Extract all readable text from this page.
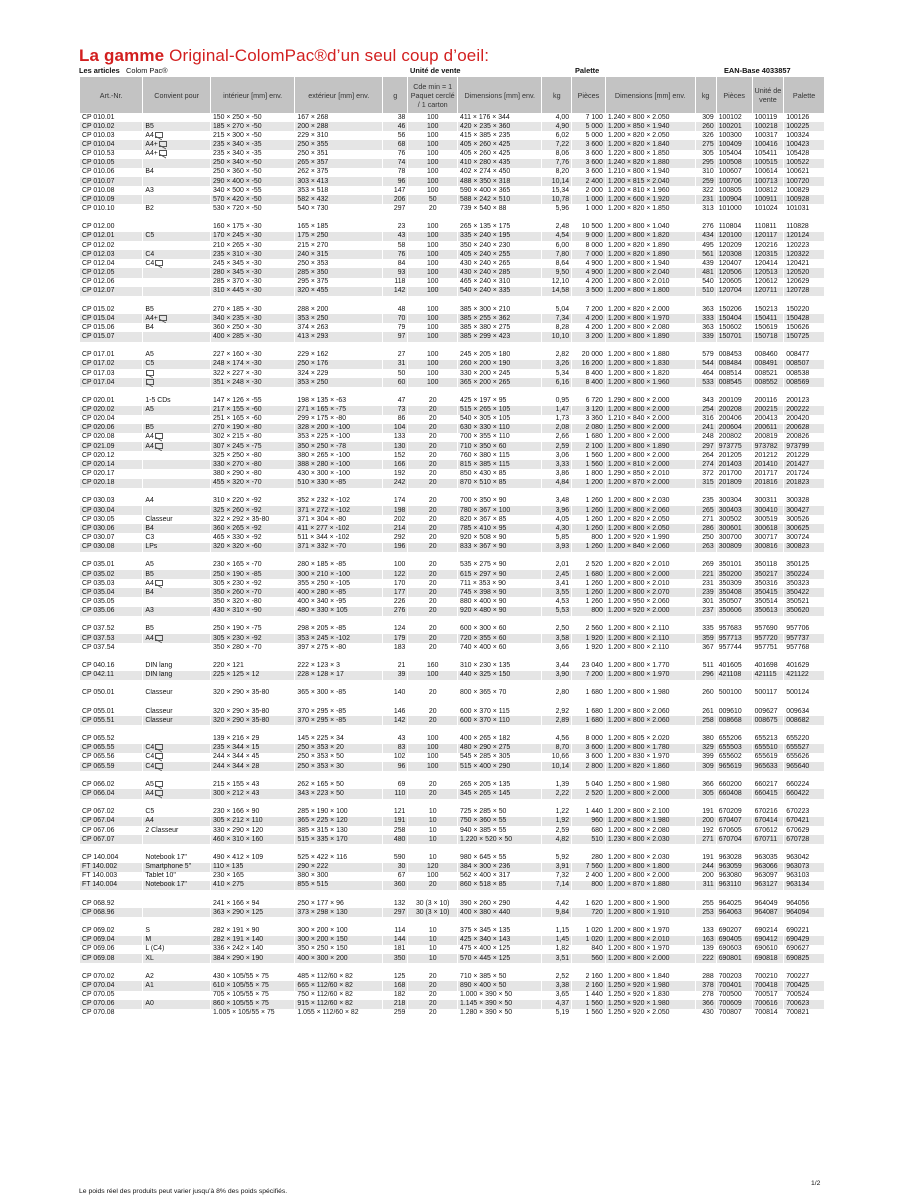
La gamme Original-ColomPac®d’un seul coup d’oeil:
Les articles Colom Pac®	Unité de vente	Palette	EAN-Base 4033857
Art.-Nr.	Convient pour	intérieur [mm] env.	extérieur [mm] env.	g	Cde min = 1 Paquet cerclé / 1 carton	Dimensions [mm] env.	kg	Pièces	Dimensions [mm] env.	kg	Pièces	Unité de vente	Palette
CP 010.01		150 × 250 × -50	167 × 268	38	100	411 × 176 × 344	4,00	7 100	1.240 × 800 × 2.050	309	100102	100119	100126
CP 010.02	B5	185 × 270 × -50	200 × 288	46	100	420 × 235 × 360	4,90	5 000	1.200 × 850 × 1.940	260	100201	100218	100225
CP 010.03	A4	215 × 300 × -50	229 × 310	56	100	415 × 385 × 235	6,02	5 000	1.200 × 820 × 2.050	326	100300	100317	100324
CP 010.04	A4+	235 × 340 × -35	250 × 355	68	100	405 × 260 × 425	7,22	3 600	1.200 × 820 × 1.840	275	100409	100416	100423
CP 010.53	A4+	235 × 340 × -35	250 × 351	76	100	405 × 260 × 425	8,06	3 600	1.220 × 800 × 1.850	305	105404	105411	105428
CP 010.05		250 × 340 × -50	265 × 357	74	100	410 × 280 × 435	7,76	3 600	1.240 × 820 × 1.880	295	100508	100515	100522
CP 010.06	B4	250 × 360 × -50	262 × 375	78	100	402 × 274 × 450	8,20	3 600	1.210 × 800 × 1.940	310	100607	100614	100621
CP 010.07		290 × 400 × -50	303 × 413	96	100	488 × 350 × 318	10,14	2 400	1.200 × 815 × 2.040	259	100706	100713	100720
CP 010.08	A3	340 × 500 × -55	353 × 518	147	100	590 × 400 × 365	15,34	2 000	1.200 × 810 × 1.960	322	100805	100812	100829
CP 010.09		570 × 420 × -50	582 × 432	206	50	588 × 242 × 510	10,78	1 000	1.200 × 600 × 1.920	231	100904	100911	100928
CP 010.10	B2	530 × 720 × -50	540 × 730	297	20	739 × 540 × 88	5,96	1 000	1.200 × 820 × 1.850	313	101000	101024	101031

CP 012.00		160 × 175 × -30	165 × 185	23	100	265 × 135 × 175	2,48	10 500	1.200 × 800 × 1.040	276	110804	110811	110828
CP 012.01	C5	170 × 245 × -30	175 × 250	43	100	335 × 240 × 195	4,54	9 000	1.200 × 800 × 1.820	434	120100	120117	120124
CP 012.02		210 × 265 × -30	215 × 270	58	100	350 × 240 × 230	6,00	8 000	1.200 × 820 × 1.890	495	120209	120216	120223
CP 012.03	C4	235 × 310 × -30	240 × 315	76	100	405 × 240 × 255	7,80	7 000	1.200 × 820 × 1.890	561	120308	120315	120322
CP 012.04	C4	245 × 345 × -30	250 × 353	84	100	430 × 240 × 265	8,64	4 900	1.200 × 800 × 1.940	439	120407	120414	120421
CP 012.05		280 × 345 × -30	285 × 350	93	100	430 × 240 × 285	9,50	4 900	1.200 × 800 × 2.040	481	120506	120513	120520
CP 012.06		285 × 370 × -30	295 × 375	118	100	465 × 240 × 310	12,10	4 200	1.200 × 800 × 2.010	540	120605	120612	120629
CP 012.07		310 × 445 × -30	320 × 455	142	100	540 × 240 × 335	14,58	3 500	1.200 × 800 × 1.800	510	120704	120711	120728

CP 015.02	B5	270 × 185 × -30	288 × 200	48	100	385 × 300 × 210	5,04	7 200	1.200 × 820 × 2.000	363	150206	150213	150220
CP 015.04	A4+	340 × 235 × -30	353 × 250	70	100	385 × 255 × 362	7,34	4 200	1.200 × 800 × 1.970	333	150404	150411	150428
CP 015.06	B4	360 × 250 × -30	374 × 263	79	100	385 × 380 × 275	8,28	4 200	1.200 × 800 × 2.080	363	150602	150619	150626
CP 015.07		400 × 285 × -30	413 × 293	97	100	385 × 299 × 423	10,10	3 200	1.200 × 800 × 1.890	339	150701	150718	150725

CP 017.01	A5	227 × 160 × -30	229 × 162	27	100	245 × 205 × 180	2,82	20 000	1.200 × 800 × 1.880	579	008453	008460	008477
CP 017.02	C5	248 × 174 × -30	250 × 176	31	100	260 × 200 × 190	3,26	16 200	1.200 × 800 × 1.830	544	008484	008491	008507
CP 017.03		322 × 227 × -30	324 × 229	50	100	330 × 200 × 245	5,34	8 400	1.200 × 800 × 1.820	464	008514	008521	008538
CP 017.04		351 × 248 × -30	353 × 250	60	100	365 × 200 × 265	6,16	8 400	1.200 × 800 × 1.960	533	008545	008552	008569

CP 020.01	1-5 CDs	147 × 126 × -55	198 × 135 × -63	47	20	425 × 197 × 95	0,95	6 720	1.290 × 800 × 2.000	343	200109	200116	200123
CP 020.02	A5	217 × 155 × -60	271 × 165 × -75	73	20	515 × 265 × 105	1,47	3 120	1.200 × 800 × 2.000	254	200208	200215	200222
CP 020.04		251 × 165 × -60	299 × 175 × -80	86	20	540 × 305 × 105	1,73	3 360	1.210 × 840 × 2.000	316	200406	200413	200420
CP 020.06	B5	270 × 190 × -80	328 × 200 × -100	104	20	630 × 330 × 110	2,08	2 080	1.250 × 800 × 2.000	241	200604	200611	200628
CP 020.08	A4	302 × 215 × -80	353 × 225 × -100	133	20	700 × 355 × 110	2,66	1 680	1.200 × 800 × 2.000	248	200802	200819	200826
CP 021.09	A4	307 × 245 × -75	350 × 250 × -78	130	20	710 × 350 × 60	2,59	2 100	1.200 × 800 × 1.890	297	973775	973782	973799
CP 020.12		325 × 250 × -80	380 × 265 × -100	152	20	760 × 380 × 115	3,06	1 560	1.200 × 800 × 2.000	264	201205	201212	201229
CP 020.14		330 × 270 × -80	388 × 280 × -100	166	20	815 × 385 × 115	3,33	1 560	1.200 × 810 × 2.000	274	201403	201410	201427
CP 020.17		380 × 290 × -80	430 × 300 × -100	192	20	850 × 430 × 85	3,86	1 800	1.290 × 850 × 2.010	372	201700	201717	201724
CP 020.18		455 × 320 × -70	510 × 330 × -85	242	20	870 × 510 × 85	4,84	1 200	1.200 × 870 × 2.000	315	201809	201816	201823

CP 030.03	A4	310 × 220 × -92	352 × 232 × -102	174	20	700 × 350 × 90	3,48	1 260	1.200 × 800 × 2.030	235	300304	300311	300328
CP 030.04		325 × 260 × -92	371 × 272 × -102	198	20	780 × 367 × 100	3,96	1 260	1.200 × 800 × 2.060	265	300403	300410	300427
CP 030.05	Classeur	322 × 292 × 35-80	371 × 304 × -80	202	20	820 × 367 × 85	4,05	1 260	1.200 × 820 × 2.050	271	300502	300519	300526
CP 030.06	B4	360 × 265 × -92	411 × 277 × -102	214	20	785 × 410 × 95	4,30	1 260	1.200 × 800 × 2.050	286	300601	300618	300625
CP 030.07	C3	465 × 330 × -92	511 × 344 × -102	292	20	920 × 508 × 90	5,85	800	1.200 × 920 × 1.990	250	300700	300717	300724
CP 030.08	LPs	320 × 320 × -60	371 × 332 × -70	196	20	833 × 367 × 90	3,93	1 260	1.200 × 840 × 2.060	263	300809	300816	300823

CP 035.01	A5	230 × 165 × -70	280 × 185 × -85	100	20	535 × 275 × 90	2,01	2 520	1.200 × 820 × 2.010	269	350101	350118	350125
CP 035.02	B5	250 × 190 × -85	300 × 210 × -100	122	20	615 × 297 × 90	2,45	1 680	1.200 × 800 × 2.000	221	350200	350217	350224
CP 035.03	A4	305 × 230 × -92	355 × 250 × -105	170	20	711 × 353 × 90	3,41	1 260	1.200 × 800 × 2.010	231	350309	350316	350323
CP 035.04	B4	350 × 260 × -70	400 × 280 × -85	177	20	745 × 398 × 90	3,55	1 260	1.200 × 800 × 2.070	239	350408	350415	350422
CP 035.05		350 × 320 × -80	400 × 340 × -95	226	20	880 × 400 × 90	4,53	1 260	1.200 × 950 × 2.060	301	350507	350514	350521
CP 035.06	A3	430 × 310 × -90	480 × 330 × 105	276	20	920 × 480 × 90	5,53	800	1.200 × 920 × 2.000	237	350606	350613	350620

CP 037.52	B5	250 × 190 × -75	298 × 205 × -85	124	20	600 × 300 × 60	2,50	2 560	1.200 × 800 × 2.110	335	957683	957690	957706
CP 037.53	A4	305 × 230 × -92	353 × 245 × -102	179	20	720 × 355 × 60	3,58	1 920	1.200 × 800 × 2.110	359	957713	957720	957737
CP 037.54		350 × 280 × -70	397 × 275 × -80	183	20	740 × 400 × 60	3,66	1 920	1.200 × 800 × 2.110	367	957744	957751	957768

CP 040.16	DIN lang	220 × 121	222 × 123 × 3	21	160	310 × 230 × 135	3,44	23 040	1.200 × 800 × 1.770	511	401605	401698	401629
CP 042.11	DIN lang	225 × 125 × 12	228 × 128 × 17	39	100	440 × 325 × 150	3,90	7 200	1.200 × 800 × 1.970	296	421108	421115	421122

CP 050.01	Classeur	320 × 290 × 35-80	365 × 300 × -85	140	20	800 × 365 × 70	2,80	1 680	1.200 × 800 × 1.980	260	500100	500117	500124

CP 055.01	Classeur	320 × 290 × 35-80	370 × 295 × -85	146	20	600 × 370 × 115	2,92	1 680	1.200 × 800 × 2.060	261	009610	009627	009634
CP 055.51	Classeur	320 × 290 × 35-80	370 × 295 × -85	142	20	600 × 370 × 110	2,89	1 680	1.200 × 800 × 2.060	258	008668	008675	008682

CP 065.52		139 × 216 × 29	145 × 225 × 34	43	100	400 × 265 × 182	4,56	8 000	1.200 × 805 × 2.020	380	655206	655213	655220
CP 065.55	C4	235 × 344 × 15	250 × 353 × 20	83	100	480 × 290 × 275	8,70	3 600	1.200 × 800 × 1.780	329	655503	655510	655527
CP 065.56	C4	244 × 344 × 45	250 × 353 × 50	102	100	545 × 285 × 305	10,66	3 600	1.200 × 830 × 1.970	399	655602	655619	655626
CP 065.59	C4	244 × 344 × 28	250 × 353 × 30	96	100	515 × 400 × 290	10,14	2 800	1.200 × 820 × 1.860	309	965619	965633	965640

CP 066.02	A5	215 × 155 × 43	262 × 165 × 50	69	20	265 × 205 × 135	1,39	5 040	1.250 × 800 × 1.980	366	660200	660217	660224
CP 066.04	A4	300 × 212 × 43	343 × 223 × 50	110	20	345 × 265 × 145	2,22	2 520	1.200 × 800 × 2.000	305	660408	660415	660422

CP 067.02	C5	230 × 166 × 90	285 × 190 × 100	121	10	725 × 285 × 50	1,22	1 440	1.200 × 800 × 2.100	191	670209	670216	670223
CP 067.04	A4	305 × 212 × 110	365 × 225 × 120	191	10	750 × 360 × 55	1,92	960	1.200 × 800 × 1.980	200	670407	670414	670421
CP 067.06	2 Classeur	330 × 290 × 120	385 × 315 × 130	258	10	940 × 385 × 55	2,59	680	1.200 × 800 × 2.080	192	670605	670612	670629
CP 067.07		460 × 310 × 160	515 × 335 × 170	480	10	1.220 × 520 × 50	4,82	510	1.230 × 800 × 2.030	271	670704	670711	670728

CP 140.004	Notebook 17"	490 × 412 × 109	525 × 422 × 116	590	10	980 × 645 × 55	5,92	280	1.200 × 800 × 2.030	191	963028	963035	963042
FT 140.002	Smartphone 5"	110 × 135	290 × 222	30	120	384 × 300 × 236	3,91	7 560	1.200 × 800 × 1.800	244	963059	963066	963073
FT 140.003	Tablet 10"	230 × 165	380 × 300	67	100	562 × 400 × 317	7,32	2 400	1.200 × 800 × 2.000	200	963080	963097	963103
FT 140.004	Notebook 17"	410 × 275	855 × 515	360	20	860 × 518 × 85	7,14	800	1.200 × 870 × 1.880	311	963110	963127	963134

CP 068.92		241 × 166 × 94	250 × 177 × 96	132	30 (3 × 10)	390 × 260 × 290	4,42	1 620	1.200 × 800 × 1.900	255	964025	964049	964056
CP 068.96		363 × 290 × 125	373 × 298 × 130	297	30 (3 × 10)	400 × 380 × 440	9,84	720	1.200 × 800 × 1.910	253	964063	964087	964094

CP 069.02	S	282 × 191 × 90	300 × 200 × 100	114	10	375 × 345 × 135	1,15	1 020	1.200 × 800 × 1.970	133	690207	690214	690221
CP 069.04	M	282 × 191 × 140	300 × 200 × 150	144	10	425 × 340 × 143	1,45	1 020	1.200 × 800 × 2.010	163	690405	690412	690429
CP 069.06	L (C4)	336 × 242 × 140	350 × 250 × 150	181	10	475 × 400 × 125	1,82	840	1.200 × 800 × 1.970	139	690603	690610	690627
CP 069.08	XL	384 × 290 × 190	400 × 300 × 200	350	10	570 × 445 × 125	3,51	560	1.200 × 800 × 2.000	222	690801	690818	690825

CP 070.02	A2	430 × 105/55 × 75	485 × 112/60 × 82	125	20	710 × 385 × 50	2,52	2 160	1.200 × 800 × 1.840	288	700203	700210	700227
CP 070.04	A1	610 × 105/55 × 75	665 × 112/60 × 82	168	20	890 × 400 × 50	3,38	2 160	1.250 × 920 × 1.980	378	700401	700418	700425
CP 070.05		705 × 105/55 × 75	750 × 112/60 × 82	182	20	1.000 × 390 × 50	3,65	1 440	1.250 × 920 × 1.830	278	700500	700517	700524
CP 070.06	A0	860 × 105/55 × 75	915 × 112/60 × 82	218	20	1.145 × 390 × 50	4,37	1 560	1.250 × 920 × 1.980	366	700609	700616	700623
CP 070.08		1.005 × 105/55 × 75	1.055 × 112/60 × 82	259	20	1.280 × 390 × 50	5,19	1 560	1.250 × 920 × 2.050	430	700807	700814	700821
Le poids réel des produits peut varier jusqu’à 8% des poids spécifiés.
1/2
